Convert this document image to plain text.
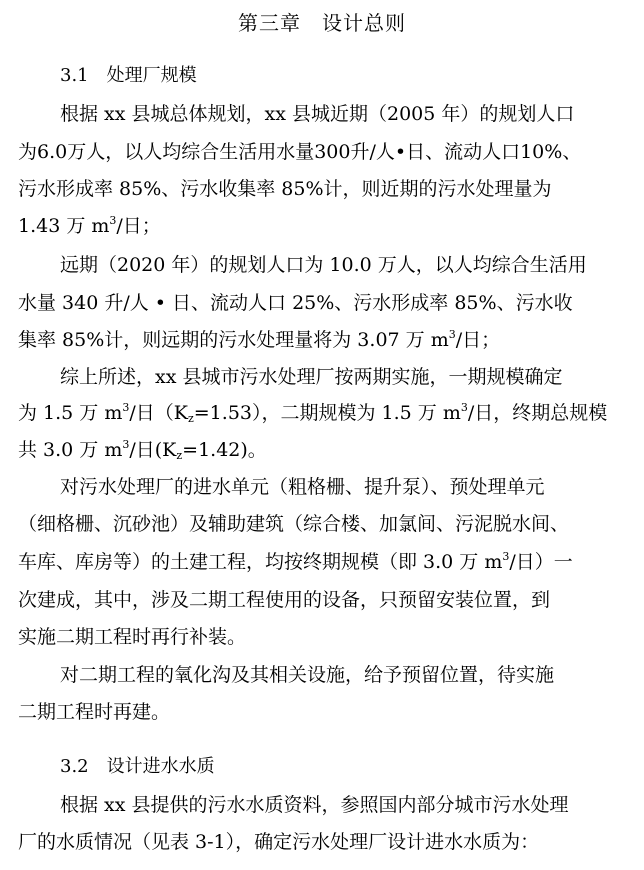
第三章　设计总则
3.1　处理厂规模
根据 xx 县城总体规划，xx 县城近期（2005 年）的规划人口
为6.0万人，以人均综合生活用水量300升/人•日、流动人口10%、
污水形成率 85%、污水收集率 85%计，则近期的污水处理量为
1.43 万 $m^3/$日；
远期（2020 年）的规划人口为 10.0 万人，以人均综合生活用
水量 340 升/人 • 日、流动人口 25%、污水形成率 85%、污水收
集率 85%计，则远期的污水处理量将为 3.07 万 $m^3/$日；
综上所述，xx 县城市污水处理厂按两期实施，一期规模确定
为 1.5 万 $m^3/$日$(K_z=1.53)$，二期规模为 1.5 万 $m^3/$日，终期总规模
共 3.0 万 $m^3/$日$(K_z=1.42)$。
对污水处理厂的进水单元（粗格栅、提升泵）、预处理单元
（细格栅、沉砂池）及辅助建筑（综合楼、加氯间、污泥脱水间、
车库、库房等）的土建工程，均按终期规模（即 3.0 万 $m^3/$日）一
次建成，其中，涉及二期工程使用的设备，只预留安装位置，到
实施二期工程时再行补装。
对二期工程的氧化沟及其相关设施，给予预留位置，待实施
二期工程时再建。
3.2　设计进水水质
根据 xx 县提供的污水水质资料，参照国内部分城市污水处理
厂的水质情况（见表 3-1），确定污水处理厂设计进水水质为：
